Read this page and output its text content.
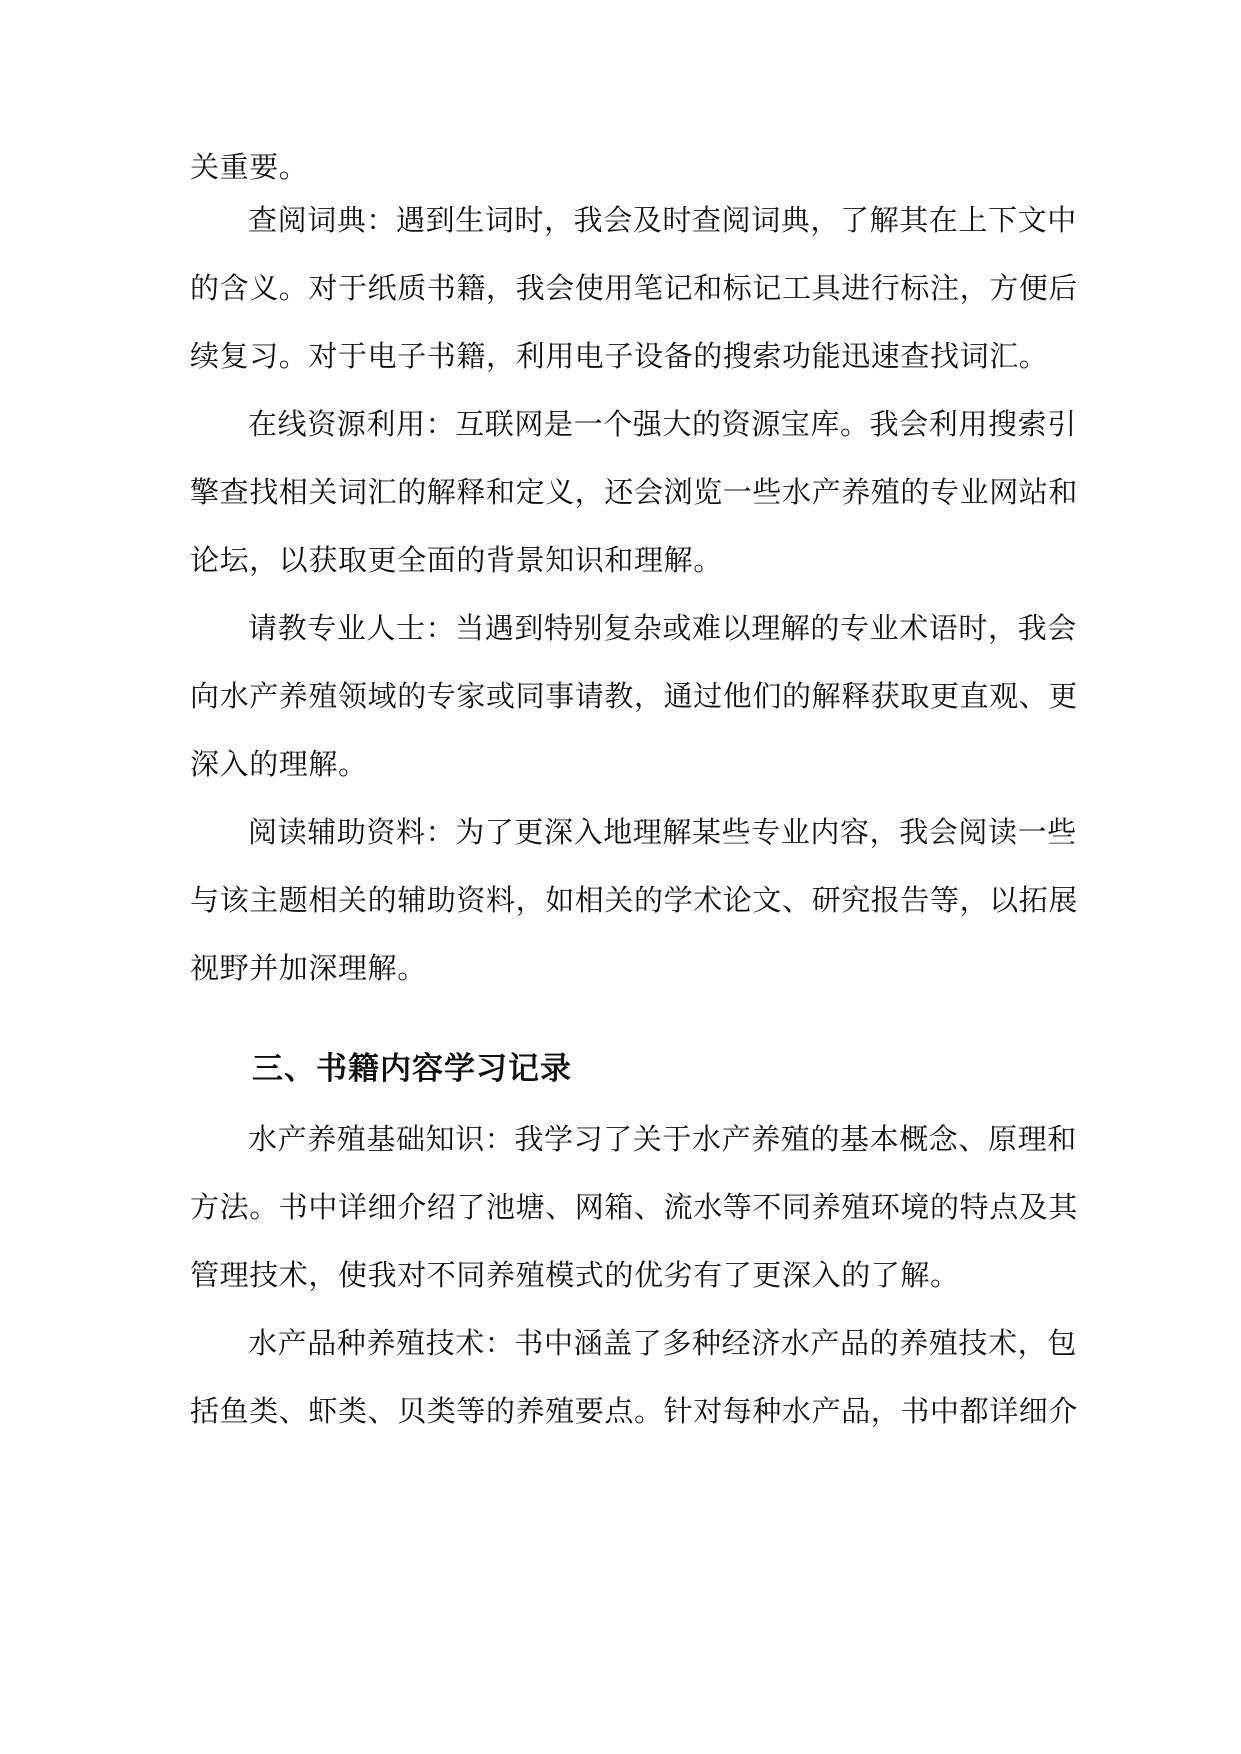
关重要。
查阅词典：遇到生词时，我会及时查阅词典，了解其在上下文中
的含义。对于纸质书籍，我会使用笔记和标记工具进行标注，方便后
续复习。对于电子书籍，利用电子设备的搜索功能迅速查找词汇。
在线资源利用：互联网是一个强大的资源宝库。我会利用搜索引
擎查找相关词汇的解释和定义，还会浏览一些水产养殖的专业网站和
论坛，以获取更全面的背景知识和理解。
请教专业人士：当遇到特别复杂或难以理解的专业术语时，我会
向水产养殖领域的专家或同事请教，通过他们的解释获取更直观、更
深入的理解。
阅读辅助资料：为了更深入地理解某些专业内容，我会阅读一些
与该主题相关的辅助资料，如相关的学术论文、研究报告等，以拓展
视野并加深理解。
三、书籍内容学习记录
水产养殖基础知识：我学习了关于水产养殖的基本概念、原理和
方法。书中详细介绍了池塘、网箱、流水等不同养殖环境的特点及其
管理技术，使我对不同养殖模式的优劣有了更深入的了解。
水产品种养殖技术：书中涵盖了多种经济水产品的养殖技术，包
括鱼类、虾类、贝类等的养殖要点。针对每种水产品，书中都详细介
